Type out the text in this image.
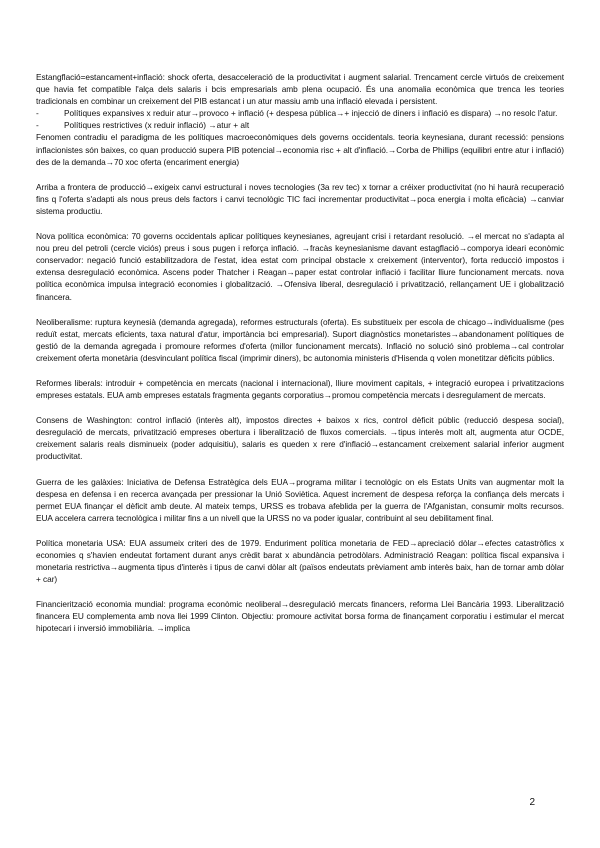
Estangflació=estancament+inflació: shock oferta, desacceleració de la productivitat i augment salarial. Trencament cercle virtuós de creixement que havia fet compatible l'alça dels salaris i bcis empresarials amb plena ocupació. És una anomalia econòmica que trenca les teories tradicionals en combinar un creixement del PIB estancat i un atur massiu amb una inflació elevada i persistent.

-	Polítiques expansives x reduir atur→provoco + inflació (+ despesa pública→+ injecció de diners i inflació es dispara) →no resolc l'atur.
-	Polítiques restrictives (x reduir inflació) →atur + alt

Fenomen contradiu el paradigma de les polítiques macroeconòmiques dels governs occidentals. teoria keynesiana, durant recessió: pensions inflacionistes són baixes, co quan producció supera PIB potencial→economia risc + alt d'inflació.→Corba de Phillips (equilibri entre atur i inflació) des de la demanda→70 xoc oferta (encariment energia)

Arriba a frontera de producció→exigeix canvi estructural i noves tecnologies (3a rev tec) x tornar a créixer productivitat (no hi haurà recuperació fins q l'oferta s'adapti als nous preus dels factors i canvi tecnològic TIC faci incrementar productivitat→poca energia i molta eficàcia) →canviar sistema productiu.

Nova política econòmica: 70 governs occidentals aplicar polítiques keynesianes, agreujant crisi i retardant resolució. →el mercat no s'adapta al nou preu del petroli (cercle viciós) preus i sous pugen i reforça inflació. →fracàs keynesianisme davant estagflació→comporya ideari econòmic conservador: negació funció estabilitzadora de l'estat, idea estat com principal obstacle x creixement (interventor), forta reducció impostos i extensa desregulació econòmica. Ascens poder Thatcher i Reagan→paper estat controlar inflació i facilitar lliure funcionament mercats. nova política econòmica impulsa integració economies i globalització. →Ofensiva liberal, desregulació i privatització, rellançament UE i globalització financera.

Neoliberalisme: ruptura keynesià (demanda agregada), reformes estructurals (oferta). Es substitueix per escola de chicago→individualisme (pes reduït estat, mercats eficients, taxa natural d'atur, importància bci empresarial). Suport diagnòstics monetaristes→abandonament polítiques de gestió de la demanda agregada i promoure reformes d'oferta (millor funcionament mercats). Inflació no solució sinó problema→cal controlar creixement oferta monetària (desvinculant política fiscal (imprimir diners), bc autonomia ministeris d'Hisenda q volen monetitzar dèficits públics.

Reformes liberals: introduir + competència en mercats (nacional i internacional), lliure moviment capitals, + integració europea i privatitzacions empreses estatals. EUA amb empreses estatals fragmenta gegants corporatius→promou competència mercats i desregulament de mercats.

Consens de Washington: control inflació (interès alt), impostos directes + baixos x rics, control dèficit públic (reducció despesa social), desregulació de mercats, privatització empreses obertura i liberalització de fluxos comercials. →tipus interès molt alt, augmenta atur OCDE, creixement salaris reals disminueix (poder adquisitiu), salaris es queden x rere d'inflació→estancament creixement salarial inferior augment productivitat.

Guerra de les galàxies: Iniciativa de Defensa Estratègica dels EUA→programa militar i tecnològic on els Estats Units van augmentar molt la despesa en defensa i en recerca avançada per pressionar la Unió Soviètica. Aquest increment de despesa reforça la confiança dels mercats i permet EUA finançar el dèficit amb deute. Al mateix temps, URSS es trobava afeblida per la guerra de l'Afganistan, consumir molts recursos. EUA accelera carrera tecnològica i militar fins a un nivell que la URSS no va poder igualar, contribuint al seu debilitament final.

Política monetaria USA: EUA assumeix criteri des de 1979. Enduriment política monetaria de FED→apreciació dòlar→efectes catastròfics x economies q s'havien endeutat fortament durant anys crèdit barat x abundància petrodòlars. Administració Reagan: política fiscal expansiva i monetaria restrictiva→augmenta tipus d'interès i tipus de canvi dòlar alt (països endeutats prèviament amb interès baix, han de tornar amb dòlar + car)

Financierització economia mundial: programa econòmic neoliberal→desregulació mercats financers, reforma Llei Bancària 1993. Liberalització financera EU complementa amb nova llei 1999 Clinton. Objectiu: promoure activitat borsa forma de finançament corporatiu i estimular el mercat hipotecari i inversió immobiliària. →implica

2
